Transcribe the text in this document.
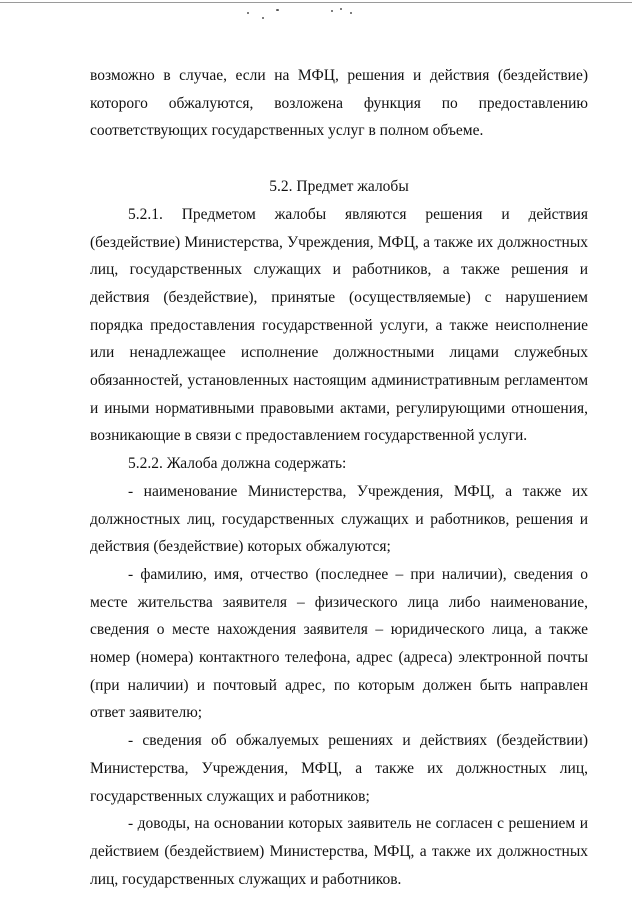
возможно в случае, если на МФЦ, решения и действия (бездействие) которого обжалуются, возложена функция по предоставлению соответствующих государственных услуг в полном объеме.

5.2. Предмет жалобы

5.2.1. Предметом жалобы являются решения и действия (бездействие) Министерства, Учреждения, МФЦ, а также их должностных лиц, государственных служащих и работников, а также решения и действия (бездействие), принятые (осуществляемые) с нарушением порядка предоставления государственной услуги, а также неисполнение или ненадлежащее исполнение должностными лицами служебных обязанностей, установленных настоящим административным регламентом и иными нормативными правовыми актами, регулирующими отношения, возникающие в связи с предоставлением государственной услуги.

5.2.2. Жалоба должна содержать:

- наименование Министерства, Учреждения, МФЦ, а также их должностных лиц, государственных служащих и работников, решения и действия (бездействие) которых обжалуются;

- фамилию, имя, отчество (последнее – при наличии), сведения о месте жительства заявителя – физического лица либо наименование, сведения о месте нахождения заявителя – юридического лица, а также номер (номера) контактного телефона, адрес (адреса) электронной почты (при наличии) и почтовый адрес, по которым должен быть направлен ответ заявителю;

- сведения об обжалуемых решениях и действиях (бездействии) Министерства, Учреждения, МФЦ, а также их должностных лиц, государственных служащих и работников;

- доводы, на основании которых заявитель не согласен с решением и действием (бездействием) Министерства, МФЦ, а также их должностных лиц, государственных служащих и работников.
